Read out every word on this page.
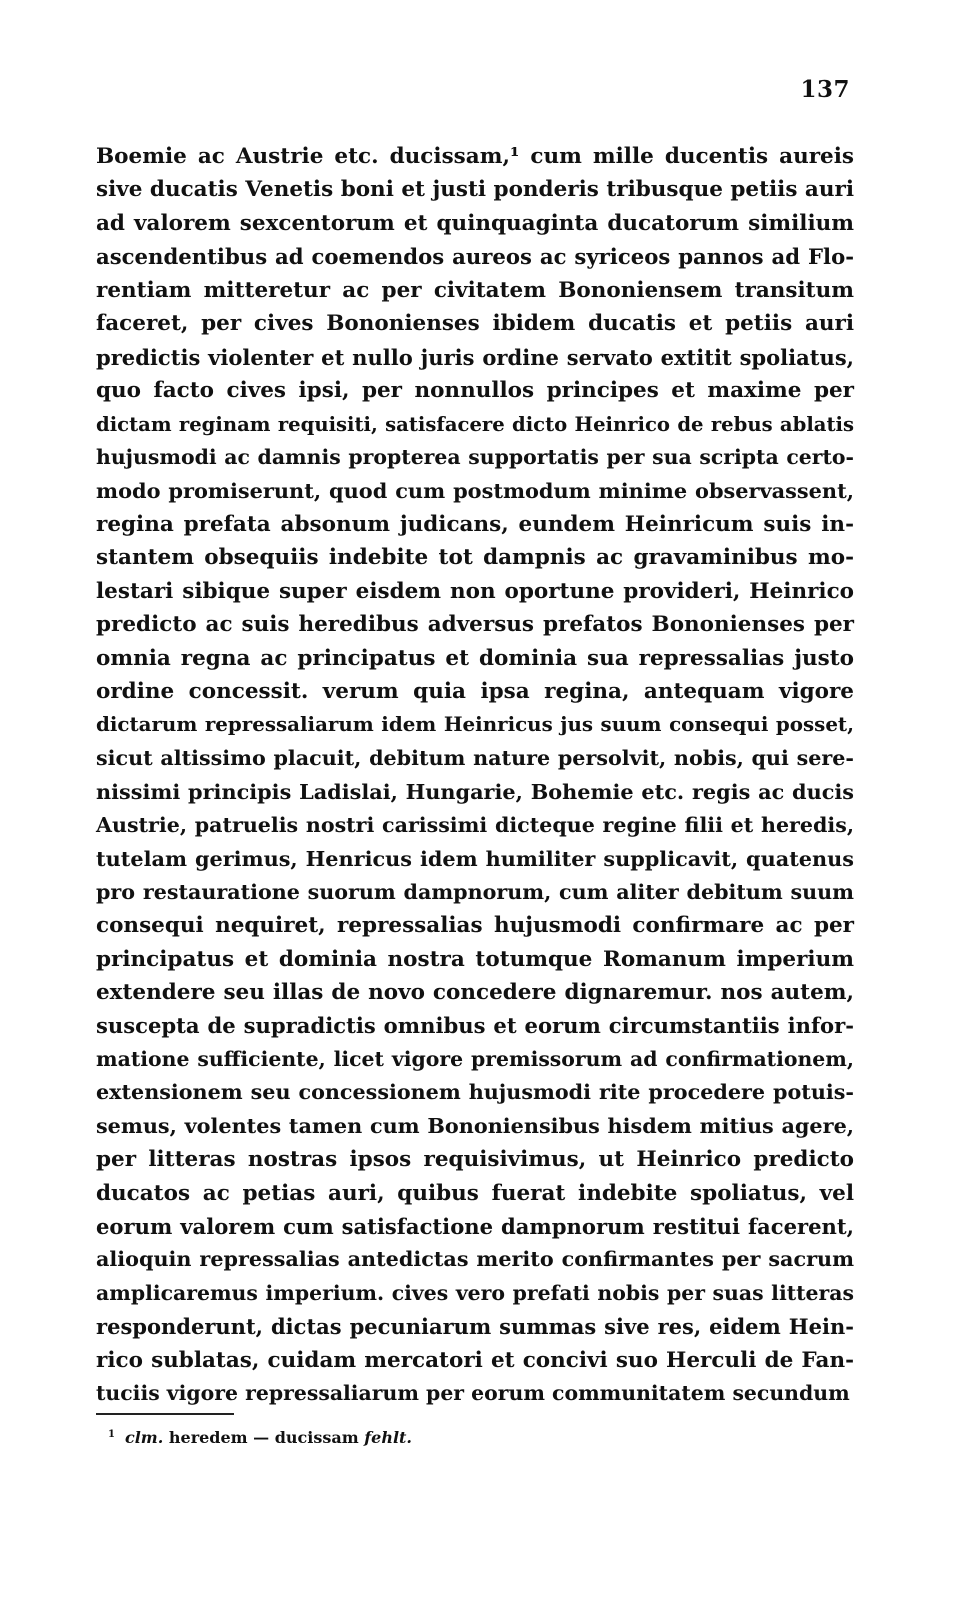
137
Boemie ac Austrie etc. ducissam,¹ cum mille ducentis aureis
sive ducatis Venetis boni et justi ponderis tribusque petiis auri
ad valorem sexcentorum et quinquaginta ducatorum similium
ascendentibus ad coemendos aureos ac syriceos pannos ad Flo-
rentiam mitteretur ac per civitatem Bononiensem transitum
faceret, per cives Bononienses ibidem ducatis et petiis auri
predictis violenter et nullo juris ordine servato extitit spoliatus,
quo facto cives ipsi, per nonnullos principes et maxime per
dictam reginam requisiti, satisfacere dicto Heinrico de rebus ablatis
hujusmodi ac damnis propterea supportatis per sua scripta certo-
modo promiserunt, quod cum postmodum minime observassent,
regina prefata absonum judicans, eundem Heinricum suis in-
stantem obsequiis indebite tot dampnis ac gravaminibus mo-
lestari sibique super eisdem non oportune provideri, Heinrico
predicto ac suis heredibus adversus prefatos Bononienses per
omnia regna ac principatus et dominia sua repressalias justo
ordine concessit. verum quia ipsa regina, antequam vigore
dictarum repressaliarum idem Heinricus jus suum consequi posset,
sicut altissimo placuit, debitum nature persolvit, nobis, qui sere-
nissimi principis Ladislai, Hungarie, Bohemie etc. regis ac ducis
Austrie, patruelis nostri carissimi dicteque regine filii et heredis,
tutelam gerimus, Henricus idem humiliter supplicavit, quatenus
pro restauratione suorum dampnorum, cum aliter debitum suum
consequi nequiret, repressalias hujusmodi confirmare ac per
principatus et dominia nostra totumque Romanum imperium
extendere seu illas de novo concedere dignaremur. nos autem,
suscepta de supradictis omnibus et eorum circumstantiis infor-
matione sufficiente, licet vigore premissorum ad confirmationem,
extensionem seu concessionem hujusmodi rite procedere potuis-
semus, volentes tamen cum Bononiensibus hisdem mitius agere,
per litteras nostras ipsos requisivimus, ut Heinrico predicto
ducatos ac petias auri, quibus fuerat indebite spoliatus, vel
eorum valorem cum satisfactione dampnorum restitui facerent,
alioquin repressalias antedictas merito confirmantes per sacrum
amplicaremus imperium. cives vero prefati nobis per suas litteras
responderunt, dictas pecuniarum summas sive res, eidem Hein-
rico sublatas, cuidam mercatori et concivi suo Herculi de Fan-
tuciis vigore repressaliarum per eorum communitatem secundum
$^1$ clm. heredem — ducissam fehlt.
